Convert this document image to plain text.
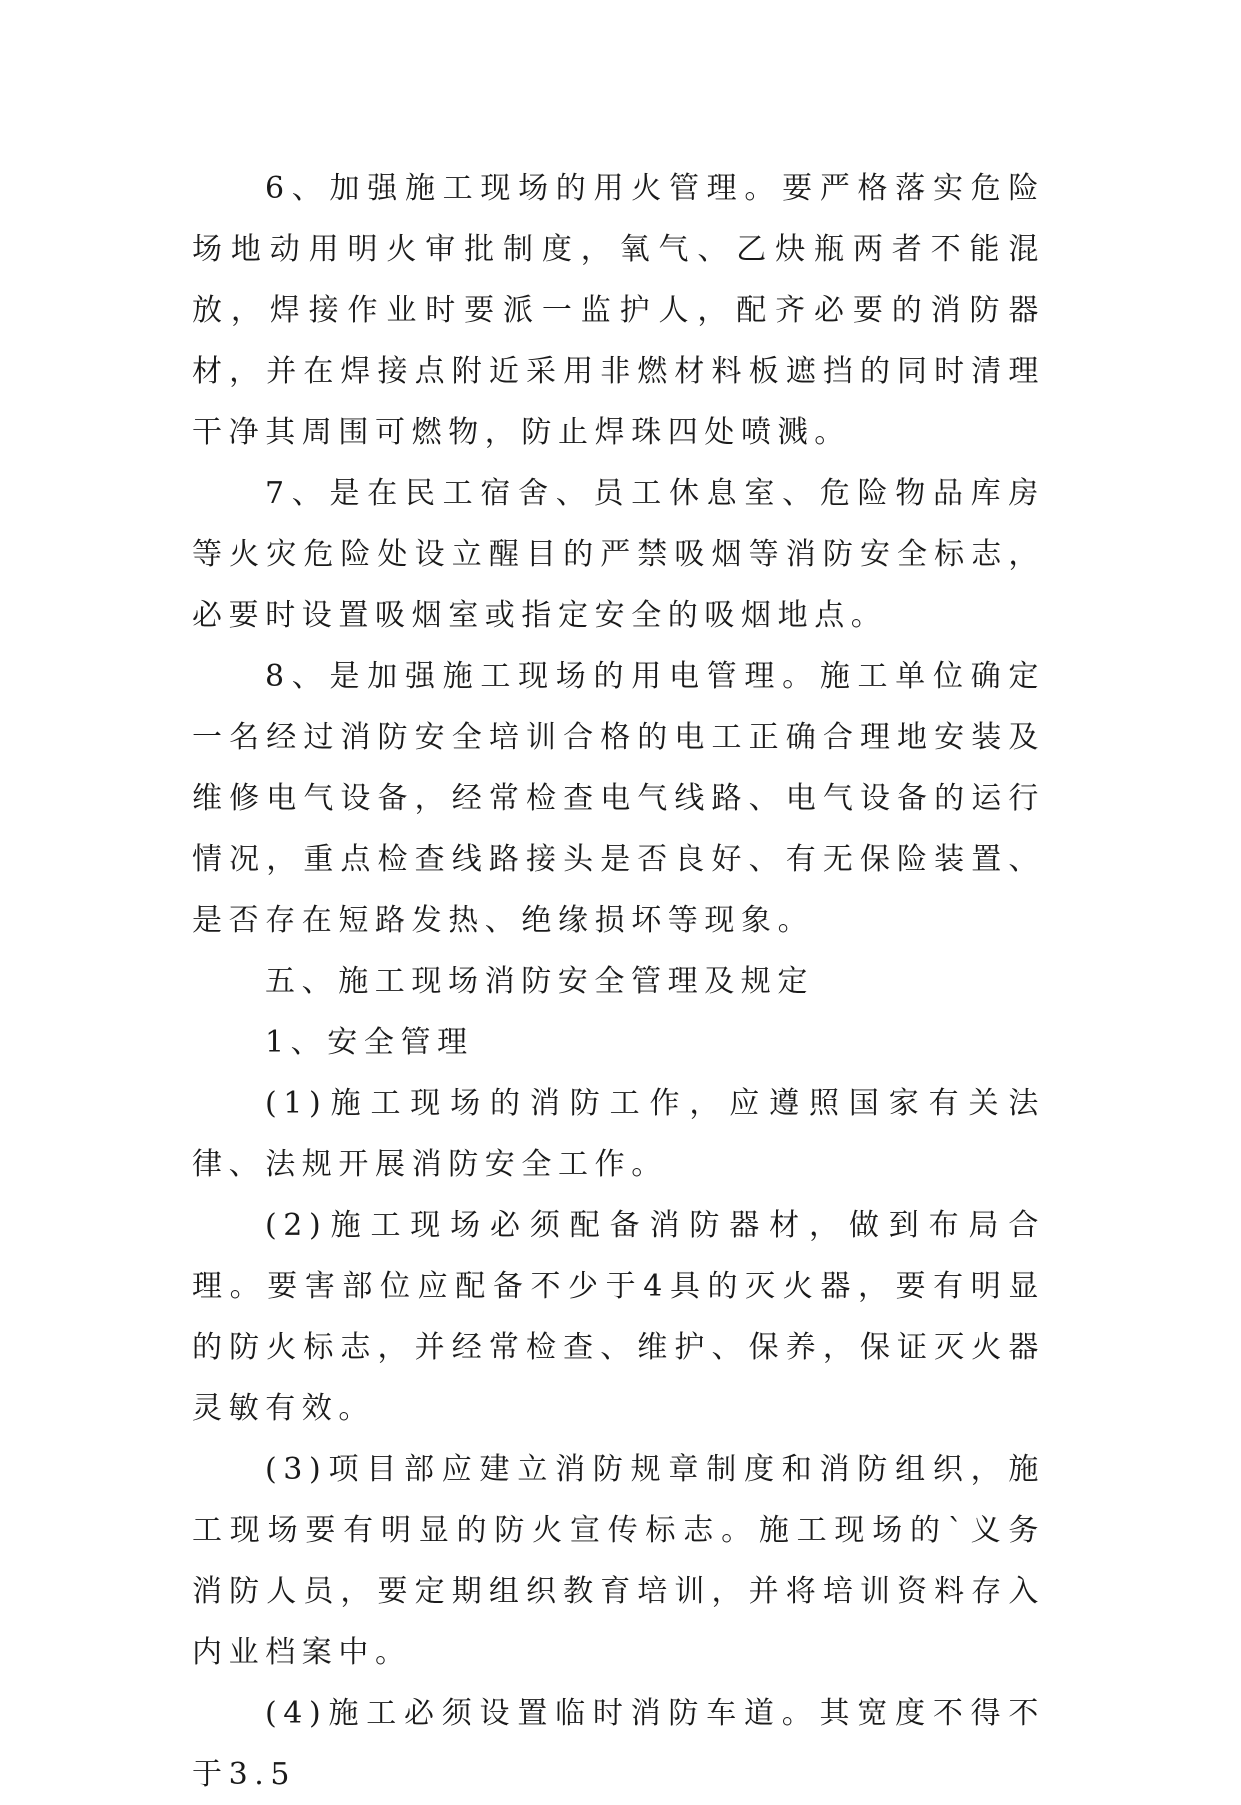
6、加强施工现场的用火管理。要严格落实危险场地动用明火审批制度，氧气、乙炔瓶两者不能混放，焊接作业时要派一监护人，配齐必要的消防器材，并在焊接点附近采用非燃材料板遮挡的同时清理干净其周围可燃物，防止焊珠四处喷溅。

7、是在民工宿舍、员工休息室、危险物品库房等火灾危险处设立醒目的严禁吸烟等消防安全标志，必要时设置吸烟室或指定安全的吸烟地点。

8、是加强施工现场的用电管理。施工单位确定一名经过消防安全培训合格的电工正确合理地安装及维修电气设备，经常检查电气线路、电气设备的运行情况，重点检查线路接头是否良好、有无保险装置、是否存在短路发热、绝缘损坏等现象。

五、施工现场消防安全管理及规定

1、安全管理

(1)施工现场的消防工作，应遵照国家有关法律、法规开展消防安全工作。

(2)施工现场必须配备消防器材，做到布局合理。要害部位应配备不少于4具的灭火器，要有明显的防火标志，并经常检查、维护、保养，保证灭火器灵敏有效。

(3)项目部应建立消防规章制度和消防组织，施工现场要有明显的防火宣传标志。施工现场的`义务消防人员，要定期组织教育培训，并将培训资料存入内业档案中。

(4)施工必须设置临时消防车道。其宽度不得不于3.5
